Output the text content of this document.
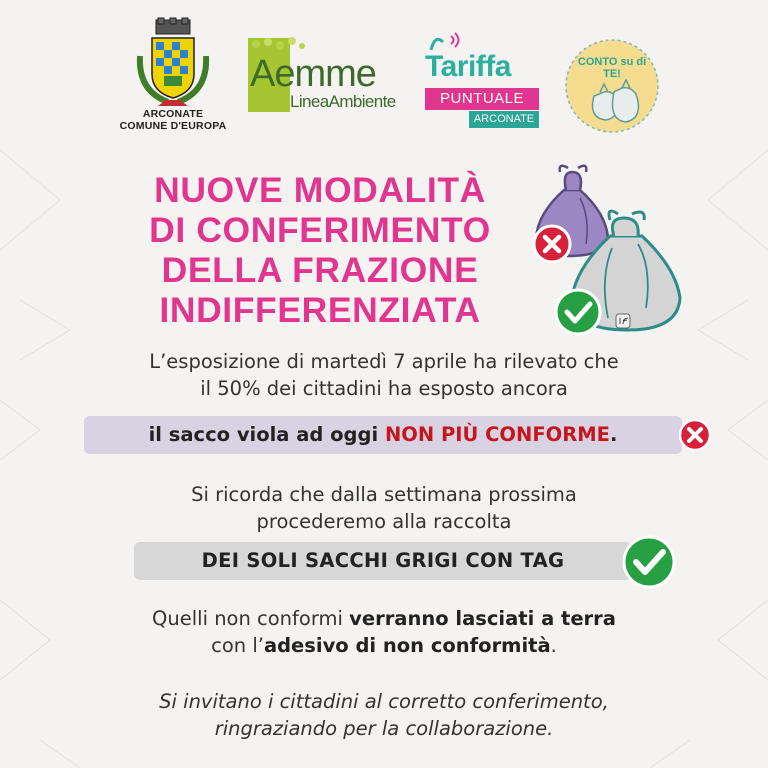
ARCONATE
COMUNE D'EUROPA
Aemme
LineaAmbiente
Tariffa
PUNTUALE
ARCONATE
CONTO su di TE!
NUOVE MODALITÀ
DI CONFERIMENTO
DELLA FRAZIONE
INDIFFERENZIATA
L’esposizione di martedì 7 aprile ha rilevato che
il 50% dei cittadini ha esposto ancora
il sacco viola ad oggi NON PIÙ CONFORME.
Si ricorda che dalla settimana prossima
procederemo alla raccolta
DEI SOLI SACCHI GRIGI CON TAG
Quelli non conformi verranno lasciati a terra
con l’adesivo di non conformità.
Si invitano i cittadini al corretto conferimento,
ringraziando per la collaborazione.
